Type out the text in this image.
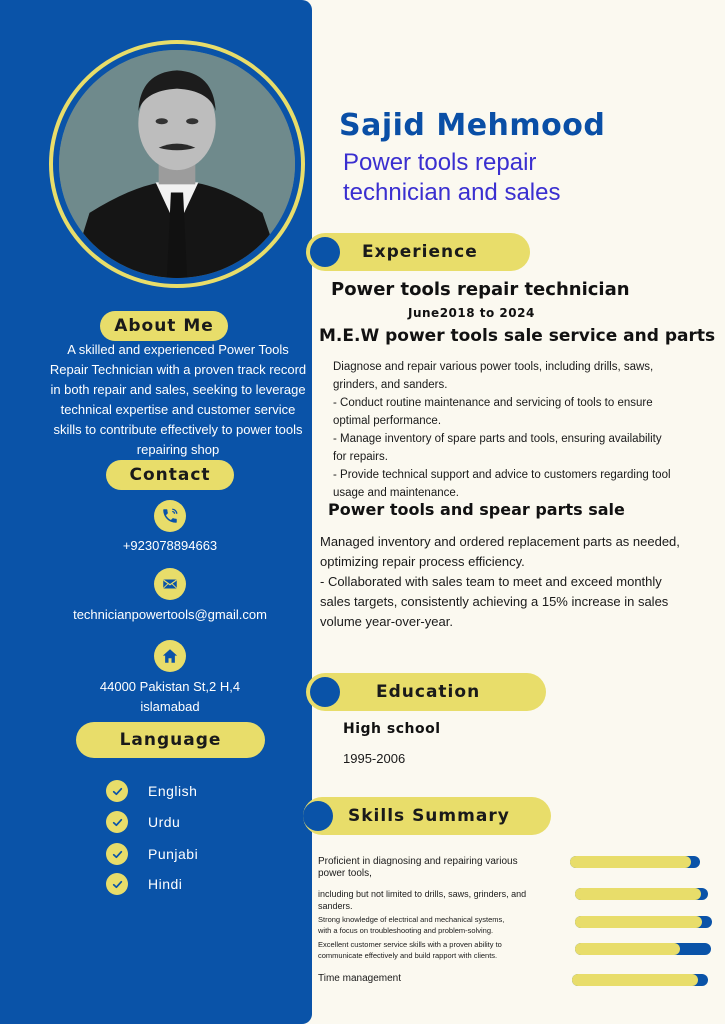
About Me
A skilled and experienced Power Tools Repair Technician with a proven track record in both repair and sales, seeking to leverage technical expertise and customer service skills to contribute effectively to power tools repairing shop
Contact
+923078894663
technicianpowertools@gmail.com
44000 Pakistan St,2 H,4
islamabad
Language
English
Urdu
Punjabi
Hindi
Sajid Mehmood
Power tools repair technician and sales
Experience
Power tools repair technician
June2018 to 2024
M.E.W power tools sale service and parts
Diagnose and repair various power tools, including drills, saws, grinders, and sanders.
- Conduct routine maintenance and servicing of tools to ensure optimal performance.
- Manage inventory of spare parts and tools, ensuring availability for repairs.
- Provide technical support and advice to customers regarding tool usage and maintenance.
Power tools and spear parts sale
Managed inventory and ordered replacement parts as needed, optimizing repair process efficiency.
- Collaborated with sales team to meet and exceed monthly sales targets, consistently achieving a 15% increase in sales volume year-over-year.
Education
High school
1995-2006
Skills Summary
Proficient in diagnosing and repairing various
power tools,
including but not limited to drills, saws, grinders, and
sanders.
Strong knowledge of electrical and mechanical systems,
with a focus on troubleshooting and problem-solving.
Excellent customer service skills with a proven ability to
communicate effectively and build rapport with clients.
Time management
